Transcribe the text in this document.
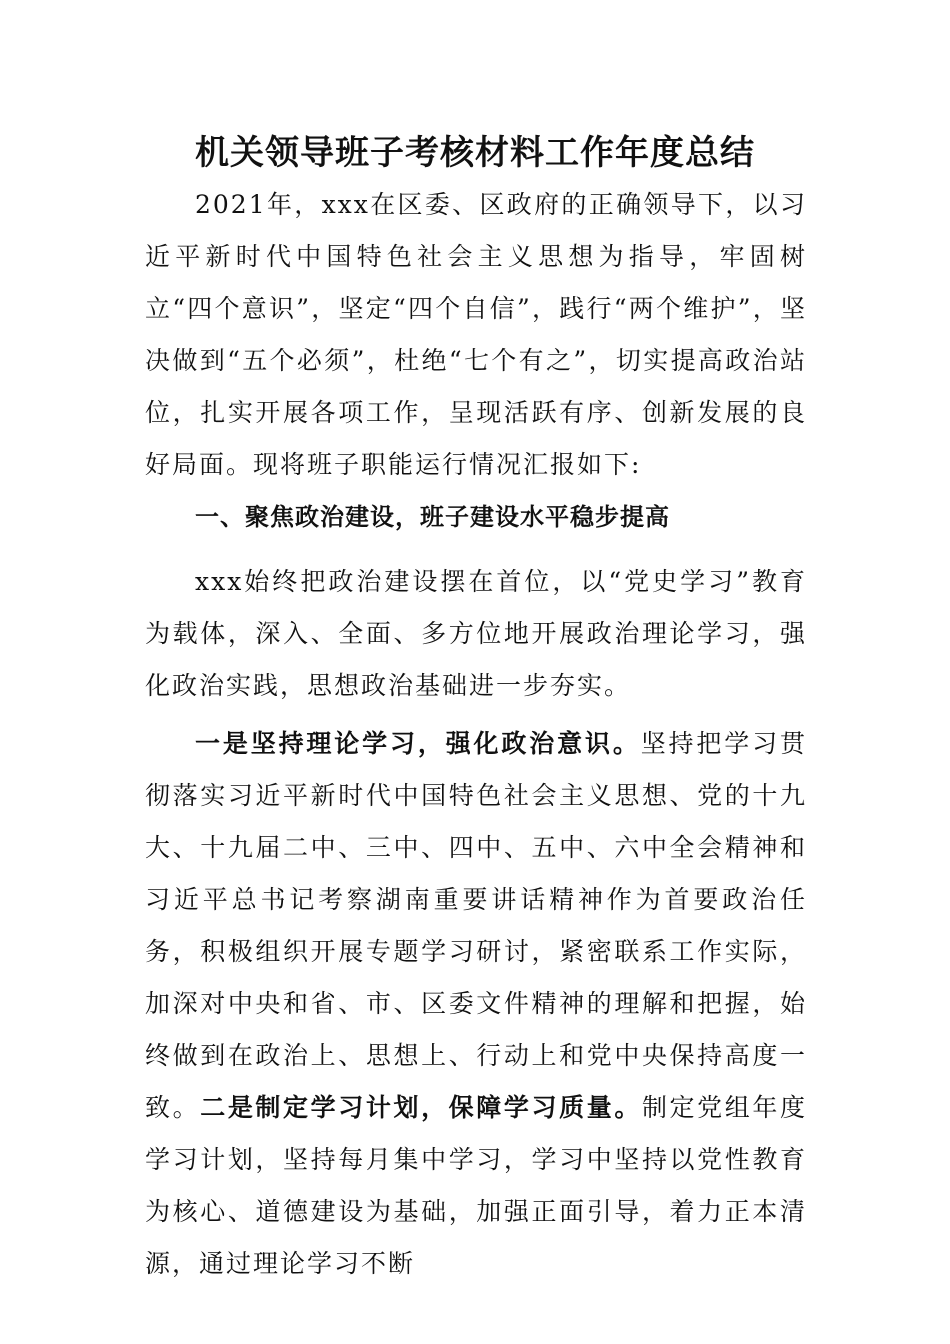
机关领导班子考核材料工作年度总结

2021年，xxx在区委、区政府的正确领导下，以习近平新时代中国特色社会主义思想为指导，牢固树立“四个意识”，坚定“四个自信”，践行“两个维护”，坚决做到“五个必须”，杜绝“七个有之”，切实提高政治站位，扎实开展各项工作，呈现活跃有序、创新发展的良好局面。现将班子职能运行情况汇报如下:

一、聚焦政治建设，班子建设水平稳步提高

xxx始终把政治建设摆在首位，以“党史学习”教育为载体，深入、全面、多方位地开展政治理论学习，强化政治实践，思想政治基础进一步夯实。

一是坚持理论学习，强化政治意识。坚持把学习贯彻落实习近平新时代中国特色社会主义思想、党的十九大、十九届二中、三中、四中、五中、六中全会精神和习近平总书记考察湖南重要讲话精神作为首要政治任务，积极组织开展专题学习研讨，紧密联系工作实际，加深对中央和省、市、区委文件精神的理解和把握，始终做到在政治上、思想上、行动上和党中央保持高度一致。二是制定学习计划，保障学习质量。制定党组年度学习计划，坚持每月集中学习，学习中坚持以党性教育为核心、道德建设为基础，加强正面引导，着力正本清源，通过理论学习不断
